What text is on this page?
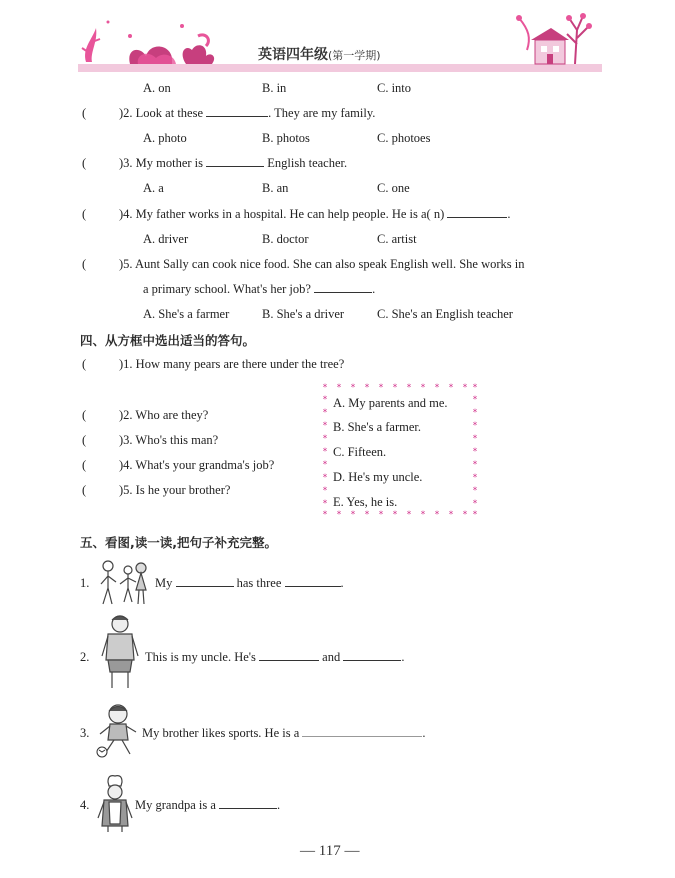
英语四年级(第一学期)
A. on	B. in	C. into
(	)2. Look at these	. They are my family.
A. photo	B. photos	C. photoes
(	)3. My mother is	English teacher.
A. a	B. an	C. one
(	)4. My father works in a hospital. He can help people. He is a( n)	.
A. driver	B. doctor	C. artist
(	)5. Aunt Sally can cook nice food. She can also speak English well. She works in
a primary school. What's her job?	.
A. She's a farmer	B. She's a driver	C. She's an English teacher
四、从方框中选出适当的答句。
(	)1. How many pears are there under the tree?
(	)2. Who are they?
(	)3. Who's this man?
(	)4. What's your grandma's job?
(	)5. Is he your brother?
* * * * * * * * * * * *
* * * * * * * * * * * *
*
*
*
*
*
*
*
*
*
*
*
*
*
*
*
*
*
*
A. My parents and me.
B. She's a farmer.
C. Fifteen.
D. He's my uncle.
E. Yes, he is.
五、看图,读一读,把句子补充完整。
1.	My	has three	.
2.	This is my uncle. He's	and	.
3.	My brother likes sports. He is a	.
4.	My grandpa is a	.
— 117 —
